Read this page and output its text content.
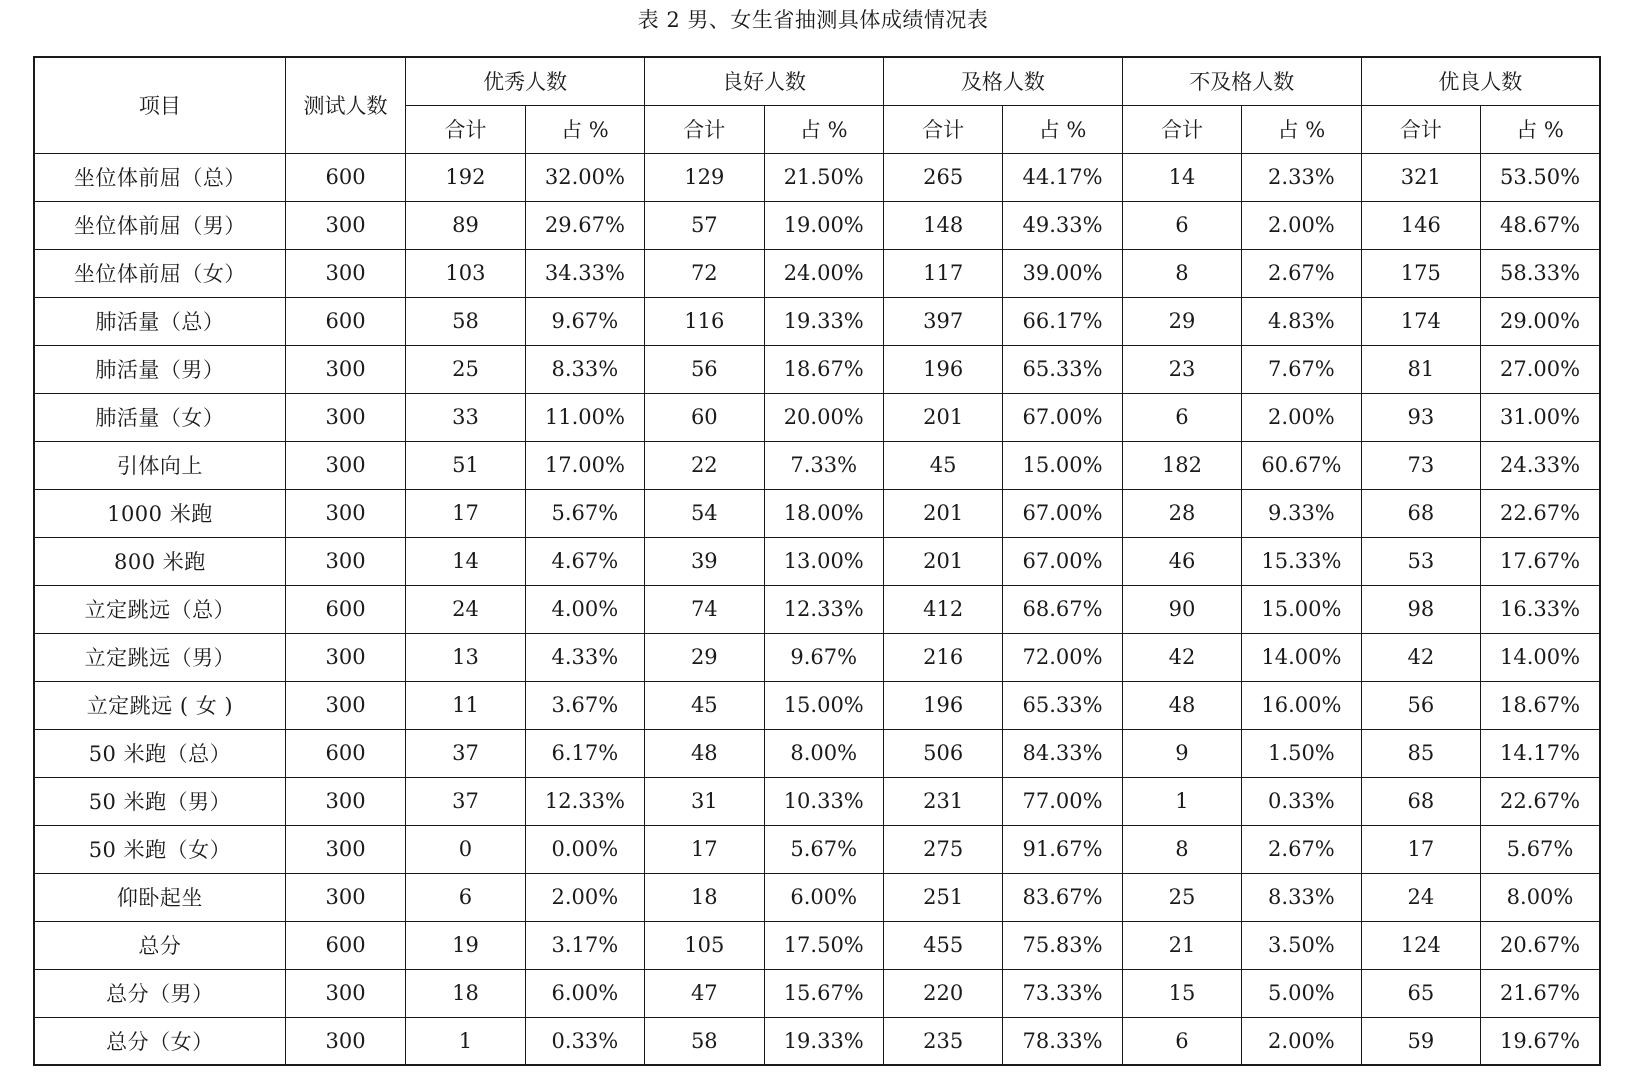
表 2 男、女生省抽测具体成绩情况表
项目	测试人数	优秀人数		良好人数		及格人数		不及格人数		优良人数	
		合计	占 %	合计	占 %	合计	占 %	合计	占 %	合计	占 %
坐位体前屈（总）	600	192	32.00%	129	21.50%	265	44.17%	14	2.33%	321	53.50%
坐位体前屈（男）	300	89	29.67%	57	19.00%	148	49.33%	6	2.00%	146	48.67%
坐位体前屈（女）	300	103	34.33%	72	24.00%	117	39.00%	8	2.67%	175	58.33%
肺活量（总）	600	58	9.67%	116	19.33%	397	66.17%	29	4.83%	174	29.00%
肺活量（男）	300	25	8.33%	56	18.67%	196	65.33%	23	7.67%	81	27.00%
肺活量（女）	300	33	11.00%	60	20.00%	201	67.00%	6	2.00%	93	31.00%
引体向上	300	51	17.00%	22	7.33%	45	15.00%	182	60.67%	73	24.33%
1000 米跑	300	17	5.67%	54	18.00%	201	67.00%	28	9.33%	68	22.67%
800 米跑	300	14	4.67%	39	13.00%	201	67.00%	46	15.33%	53	17.67%
立定跳远（总）	600	24	4.00%	74	12.33%	412	68.67%	90	15.00%	98	16.33%
立定跳远（男）	300	13	4.33%	29	9.67%	216	72.00%	42	14.00%	42	14.00%
立定跳远 ( 女 )	300	11	3.67%	45	15.00%	196	65.33%	48	16.00%	56	18.67%
50 米跑（总）	600	37	6.17%	48	8.00%	506	84.33%	9	1.50%	85	14.17%
50 米跑（男）	300	37	12.33%	31	10.33%	231	77.00%	1	0.33%	68	22.67%
50 米跑（女）	300	0	0.00%	17	5.67%	275	91.67%	8	2.67%	17	5.67%
仰卧起坐	300	6	2.00%	18	6.00%	251	83.67%	25	8.33%	24	8.00%
总分	600	19	3.17%	105	17.50%	455	75.83%	21	3.50%	124	20.67%
总分（男）	300	18	6.00%	47	15.67%	220	73.33%	15	5.00%	65	21.67%
总分（女）	300	1	0.33%	58	19.33%	235	78.33%	6	2.00%	59	19.67%
